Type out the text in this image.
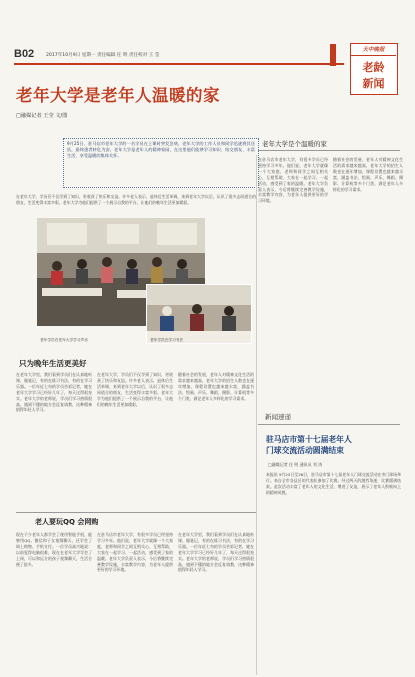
B02	2017年10月9日 星期一 责任编辑 任 明 责任校对 王 莹
天中晚报
老龄
新闻
老年大学是老年人温暖的家
□融媒记者 王莹 文/图
老年大学是个温暖的家

9月25日，驻马店市老年大学的一名学员在上课时突发急病，老年大学的工作人员和同学迅速将其送医，最终患者转危为安。老年大学是老年人的精神家园，在这里他们能够学习知识、结交朋友、丰富生活，享受温暖的集体关怀。

在驻马店市老年大学，有很多学员已经坚持学习多年。他们说，老年大学就像一个大家庭，老师和同学之间互相关心、互相帮助，大家在一起学习、一起活动，感受到了家的温暖。老年大学负责人表示，今后将继续完善教学设施，丰富教学内容，为老年人提供更好的学习环境。
随着社会的发展，老年人对精神文化生活的需求越来越高，老年大学的招生人数也在逐年增加，课程设置也越来越丰富，涵盖书法、绘画、声乐、舞蹈、摄影、计算机等多个门类，满足老年人多样化的学习需求。
在老年大学，学员们不仅学到了知识，更收获了快乐和友谊。许多老人表示，退休后生活单调，来到老年大学以后，认识了很多志同道合的朋友，生活变得丰富多彩。老年大学为他们提供了一个展示自我的平台，让他们的晚年生活更加精彩。
老年学员在老年大学学习声乐	老年学员在学习书法
只为晚年生活更美好
在老年大学里，我们看到学员们在认真地听课、做笔记，有的在练习书法，有的在学习乐器。一位年近七旬的学员告诉记者，她在老年大学学习已经好几年了，每天过得很充实。老年大学的老师说，学员们学习热情很高，遇到不懂的地方会反复请教，这种精神值得年轻人学习。
在老年大学，学员们不仅学到了知识，更收获了快乐和友谊。许多老人表示，退休后生活单调，来到老年大学以后，认识了很多志同道合的朋友，生活变得丰富多彩。老年大学为他们提供了一个展示自我的平台，让他们的晚年生活更加精彩。
随着社会的发展，老年人对精神文化生活的需求越来越高，老年大学的招生人数也在逐年增加，课程设置也越来越丰富，涵盖书法、绘画、声乐、舞蹈、摄影、计算机等多个门类，满足老年人多样化的学习需求。
老人要玩QQ 会网购
现在不少老年人都学会了使用智能手机，能够用QQ、微信和子女视频聊天，还学会了网上购物、手机支付。一位学员高兴地说：以前觉得电脑很难，现在在老年大学学会了上网，可以和远方的孩子视频聊天，生活方便了很多。
在驻马店市老年大学，有很多学员已经坚持学习多年。他们说，老年大学就像一个大家庭，老师和同学之间互相关心、互相帮助，大家在一起学习、一起活动，感受到了家的温暖。老年大学负责人表示，今后将继续完善教学设施，丰富教学内容，为老年人提供更好的学习环境。
在老年大学里，我们看到学员们在认真地听课、做笔记，有的在练习书法，有的在学习乐器。一位年近七旬的学员告诉记者，她在老年大学学习已经好几年了，每天过得很充实。老年大学的老师说，学员们学习热情很高，遇到不懂的地方会反复请教，这种精神值得年轻人学习。
新闻速递
驻马店市第十七届老年人
门球交流活动圆满结束
□融媒记者 任 明 通讯员 刘 涛
本报讯 9月25日至26日，驻马店市第十七届老年人门球交流活动在市门球场举行。来自全市各县区的代表队参加了比赛。经过两天的激烈角逐，比赛圆满结束。此次活动丰富了老年人的文化生活，增进了友谊，展示了老年人积极向上的精神风貌。
